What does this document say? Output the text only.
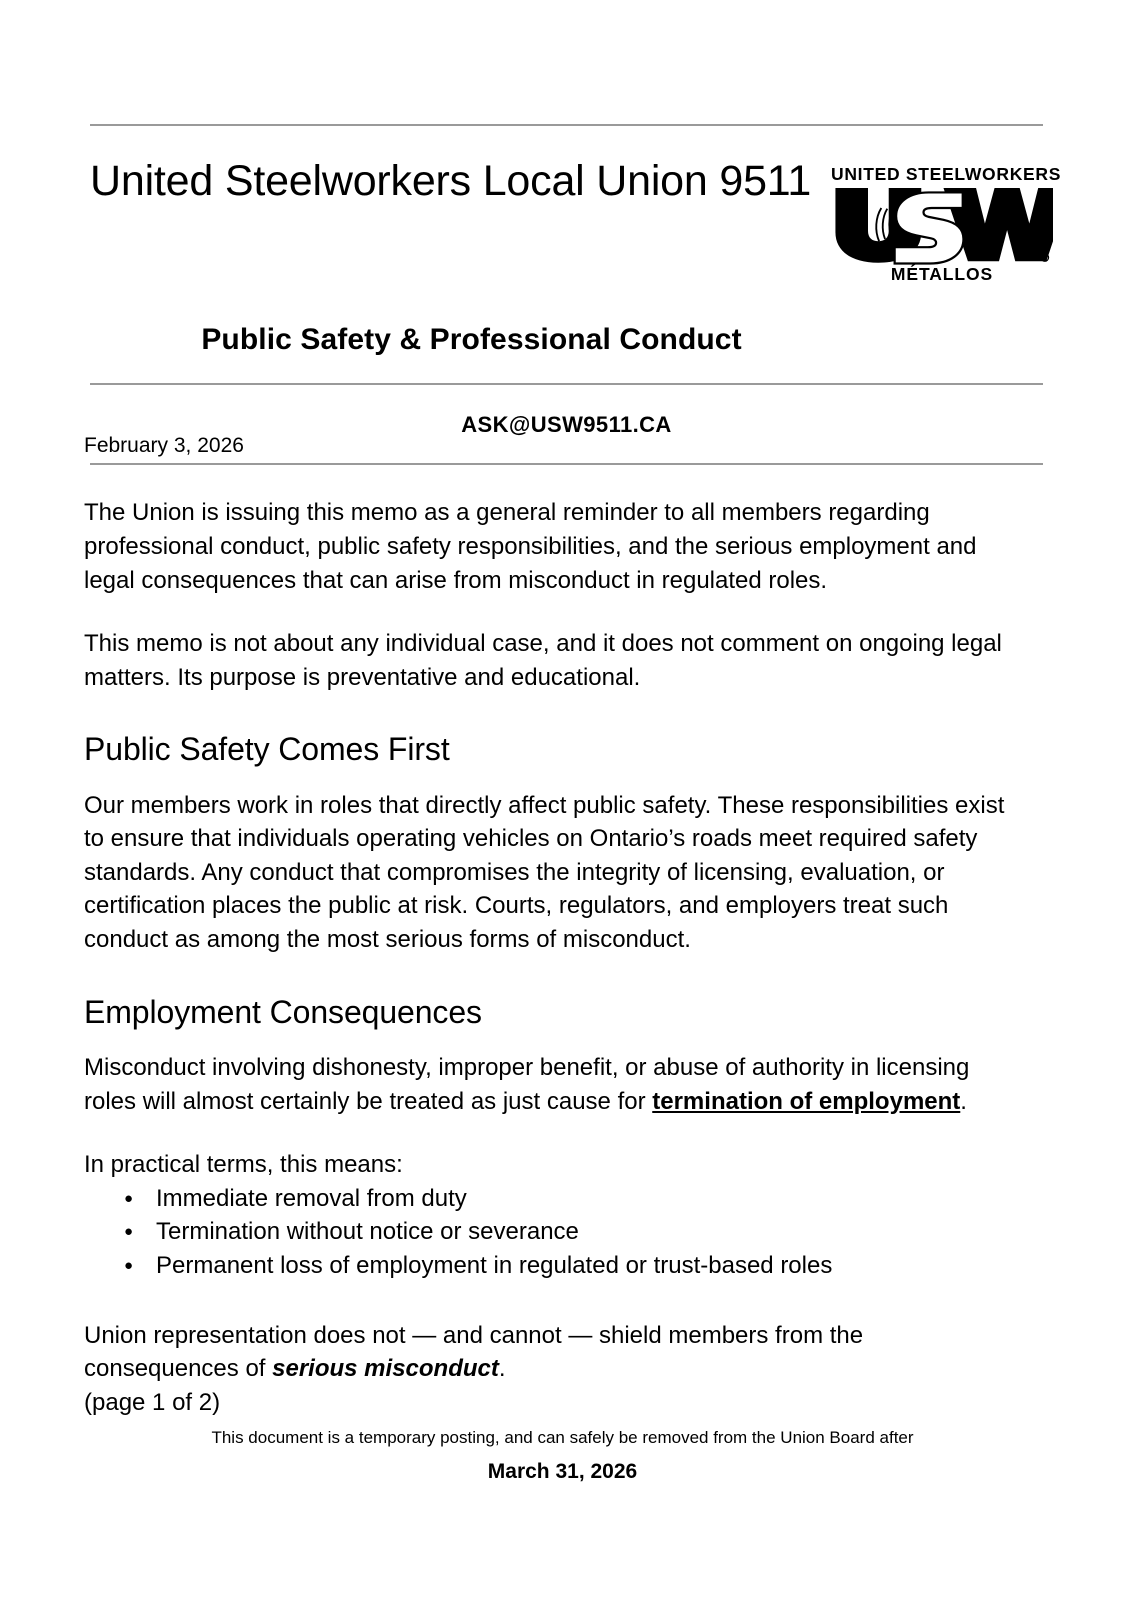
United Steelworkers Local Union 9511	UNITED STEELWORKERS
R
MÉTALLOS
Public Safety & Professional Conduct
ASK@USW9511.CA
February 3, 2026

The Union is issuing this memo as a general reminder to all members regarding professional conduct, public safety responsibilities, and the serious employment and legal consequences that can arise from misconduct in regulated roles.

This memo is not about any individual case, and it does not comment on ongoing legal matters. Its purpose is preventative and educational.

Public Safety Comes First

Our members work in roles that directly affect public safety. These responsibilities exist to ensure that individuals operating vehicles on Ontario’s roads meet required safety standards. Any conduct that compromises the integrity of licensing, evaluation, or certification places the public at risk. Courts, regulators, and employers treat such conduct as among the most serious forms of misconduct.

Employment Consequences

Misconduct involving dishonesty, improper benefit, or abuse of authority in licensing roles will almost certainly be treated as just cause for termination of employment.

In practical terms, this means:

● Immediate removal from duty
● Termination without notice or severance
● Permanent loss of employment in regulated or trust-based roles

Union representation does not — and cannot — shield members from the consequences of serious misconduct.

(page 1 of 2)

This document is a temporary posting, and can safely be removed from the Union Board after
March 31, 2026
